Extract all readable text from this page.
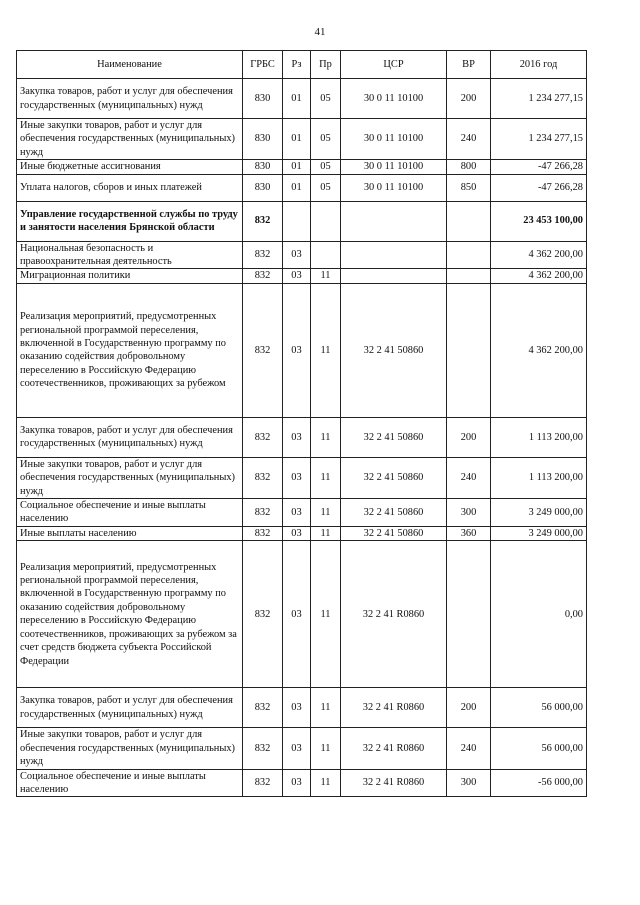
41
Наименование	ГРБС	Рз	Пр	ЦСР	ВР	2016 год
Закупка товаров, работ и услуг для обеспечения государственных (муниципальных) нужд	830	01	05	30 0 11 10100	200	1 234 277,15
Иные закупки товаров, работ и услуг для обеспечения государственных (муниципальных) нужд	830	01	05	30 0 11 10100	240	1 234 277,15
Иные бюджетные ассигнования	830	01	05	30 0 11 10100	800	-47 266,28
Уплата налогов, сборов и иных платежей	830	01	05	30 0 11 10100	850	-47 266,28
Управление государственной службы по труду и занятости населения Брянской области	832					23 453 100,00
Национальная безопасность и правоохранительная деятельность	832	03				4 362 200,00
Миграционная политики	832	03	11			4 362 200,00
Реализация мероприятий, предусмотренных региональной программой переселения, включенной в Государственную программу по оказанию содействия добровольному переселению в Российскую Федерацию соотечественников, проживающих за рубежом	832	03	11	32 2 41 50860		4 362 200,00
Закупка товаров, работ и услуг для обеспечения государственных (муниципальных) нужд	832	03	11	32 2 41 50860	200	1 113 200,00
Иные закупки товаров, работ и услуг для обеспечения государственных (муниципальных) нужд	832	03	11	32 2 41 50860	240	1 113 200,00
Социальное обеспечение и иные выплаты населению	832	03	11	32 2 41 50860	300	3 249 000,00
Иные выплаты населению	832	03	11	32 2 41 50860	360	3 249 000,00
Реализация мероприятий, предусмотренных региональной программой переселения, включенной в Государственную программу по оказанию содействия добровольному переселению в Российскую Федерацию соотечественников, проживающих за рубежом за счет средств бюджета субъекта Российской Федерации	832	03	11	32 2 41 R0860		0,00
Закупка товаров, работ и услуг для обеспечения государственных (муниципальных) нужд	832	03	11	32 2 41 R0860	200	56 000,00
Иные закупки товаров, работ и услуг для обеспечения государственных (муниципальных) нужд	832	03	11	32 2 41 R0860	240	56 000,00
Социальное обеспечение и иные выплаты населению	832	03	11	32 2 41 R0860	300	-56 000,00
